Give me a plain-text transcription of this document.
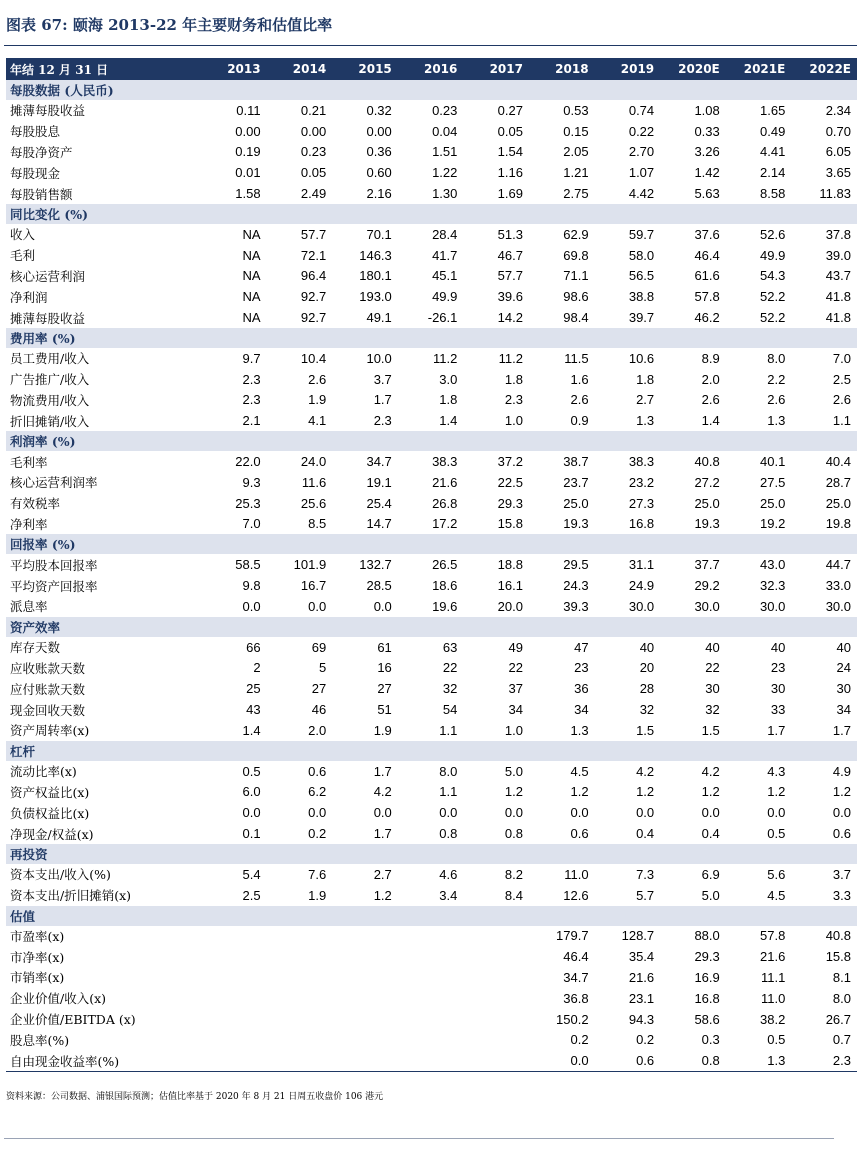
图表 67: 颐海 2013-22 年主要财务和估值比率
年结 12 月 31 日	2013	2014	2015	2016	2017	2018	2019	2020E	2021E	2022E
每股数据 (人民币)										
摊薄每股收益	0.11	0.21	0.32	0.23	0.27	0.53	0.74	1.08	1.65	2.34
每股股息	0.00	0.00	0.00	0.04	0.05	0.15	0.22	0.33	0.49	0.70
每股净资产	0.19	0.23	0.36	1.51	1.54	2.05	2.70	3.26	4.41	6.05
每股现金	0.01	0.05	0.60	1.22	1.16	1.21	1.07	1.42	2.14	3.65
每股销售额	1.58	2.49	2.16	1.30	1.69	2.75	4.42	5.63	8.58	11.83
同比变化 (%)										
收入	NA	57.7	70.1	28.4	51.3	62.9	59.7	37.6	52.6	37.8
毛利	NA	72.1	146.3	41.7	46.7	69.8	58.0	46.4	49.9	39.0
核心运营利润	NA	96.4	180.1	45.1	57.7	71.1	56.5	61.6	54.3	43.7
净利润	NA	92.7	193.0	49.9	39.6	98.6	38.8	57.8	52.2	41.8
摊薄每股收益	NA	92.7	49.1	-26.1	14.2	98.4	39.7	46.2	52.2	41.8
费用率 (%)										
员工费用/收入	9.7	10.4	10.0	11.2	11.2	11.5	10.6	8.9	8.0	7.0
广告推广/收入	2.3	2.6	3.7	3.0	1.8	1.6	1.8	2.0	2.2	2.5
物流费用/收入	2.3	1.9	1.7	1.8	2.3	2.6	2.7	2.6	2.6	2.6
折旧摊销/收入	2.1	4.1	2.3	1.4	1.0	0.9	1.3	1.4	1.3	1.1
利润率 (%)										
毛利率	22.0	24.0	34.7	38.3	37.2	38.7	38.3	40.8	40.1	40.4
核心运营利润率	9.3	11.6	19.1	21.6	22.5	23.7	23.2	27.2	27.5	28.7
有效税率	25.3	25.6	25.4	26.8	29.3	25.0	27.3	25.0	25.0	25.0
净利率	7.0	8.5	14.7	17.2	15.8	19.3	16.8	19.3	19.2	19.8
回报率 (%)										
平均股本回报率	58.5	101.9	132.7	26.5	18.8	29.5	31.1	37.7	43.0	44.7
平均资产回报率	9.8	16.7	28.5	18.6	16.1	24.3	24.9	29.2	32.3	33.0
派息率	0.0	0.0	0.0	19.6	20.0	39.3	30.0	30.0	30.0	30.0
资产效率										
库存天数	66	69	61	63	49	47	40	40	40	40
应收账款天数	2	5	16	22	22	23	20	22	23	24
应付账款天数	25	27	27	32	37	36	28	30	30	30
现金回收天数	43	46	51	54	34	34	32	32	33	34
资产周转率(x)	1.4	2.0	1.9	1.1	1.0	1.3	1.5	1.5	1.7	1.7
杠杆										
流动比率(x)	0.5	0.6	1.7	8.0	5.0	4.5	4.2	4.2	4.3	4.9
资产权益比(x)	6.0	6.2	4.2	1.1	1.2	1.2	1.2	1.2	1.2	1.2
负债权益比(x)	0.0	0.0	0.0	0.0	0.0	0.0	0.0	0.0	0.0	0.0
净现金/权益(x)	0.1	0.2	1.7	0.8	0.8	0.6	0.4	0.4	0.5	0.6
再投资										
资本支出/收入(%)	5.4	7.6	2.7	4.6	8.2	11.0	7.3	6.9	5.6	3.7
资本支出/折旧摊销(x)	2.5	1.9	1.2	3.4	8.4	12.6	5.7	5.0	4.5	3.3
估值										
市盈率(x)						179.7	128.7	88.0	57.8	40.8
市净率(x)						46.4	35.4	29.3	21.6	15.8
市销率(x)						34.7	21.6	16.9	11.1	8.1
企业价值/收入(x)						36.8	23.1	16.8	11.0	8.0
企业价值/EBITDA (x)						150.2	94.3	58.6	38.2	26.7
股息率(%)						0.2	0.2	0.3	0.5	0.7
自由现金收益率(%)						0.0	0.6	0.8	1.3	2.3
资料来源：公司数据、浦银国际预测；估值比率基于 2020 年 8 月 21 日周五收盘价 106 港元
